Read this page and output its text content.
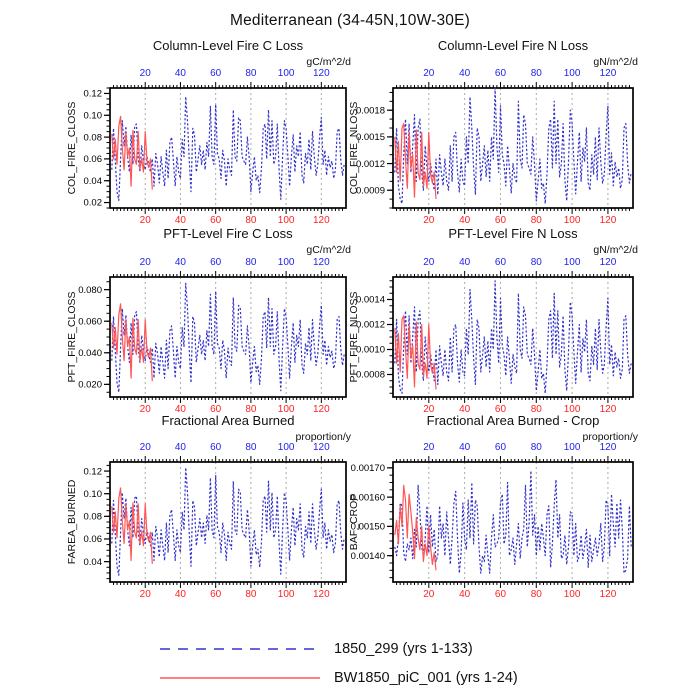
20
20
40
40
60
60
80
80
100
100
120
120
0.02
0.04
0.06
0.08
0.10
0.12
20
20
40
40
60
60
80
80
100
100
120
120
0.0009
0.0012
0.0015
0.0018
20
20
40
40
60
60
80
80
100
100
120
120
0.020
0.040
0.060
0.080
20
20
40
40
60
60
80
80
100
100
120
120
0.0008
0.0010
0.0012
0.0014
20
20
40
40
60
60
80
80
100
100
120
120
0.04
0.06
0.08
0.10
0.12
20
20
40
40
60
60
80
80
100
100
120
120
0.00140
0.00150
0.00160
0.00170
Mediterranean (34-45N,10W-30E)
Column-Level Fire C Loss	Column-Level Fire N Loss
PFT-Level Fire C Loss	PFT-Level Fire N Loss
Fractional Area Burned	Fractional Area Burned - Crop
gC/m^2/d	gN/m^2/d
gC/m^2/d	gN/m^2/d
proportion/y	proportion/y
COL_FIRE_CLOSS	COL_FIRE_NLOSS
PFT_FIRE_CLOSS	PFT_FIRE_NLOSS
FAREA_BURNED	BAF_CROP
1850_299 (yrs 1-133)
BW1850_piC_001 (yrs 1-24)
